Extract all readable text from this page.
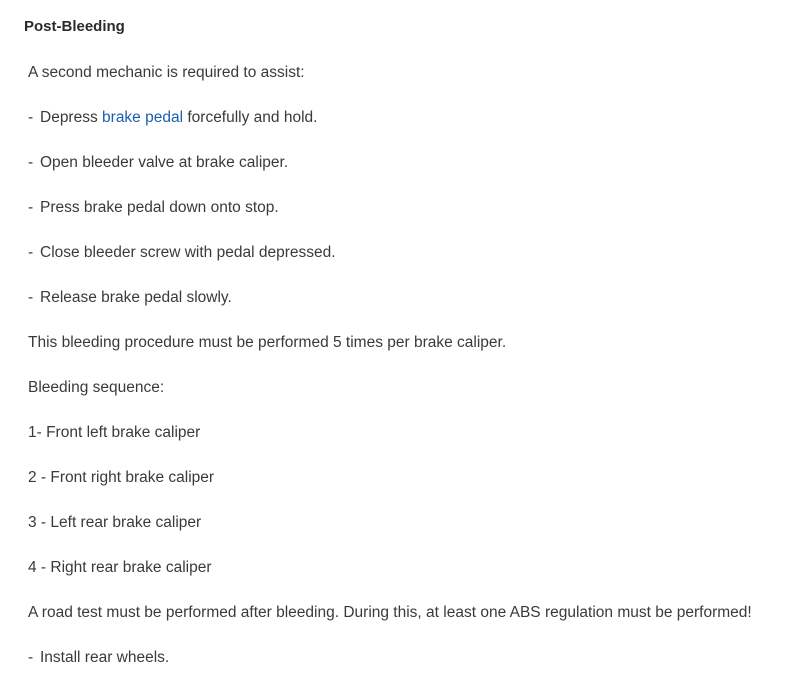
Post-Bleeding
A second mechanic is required to assist:
- Depress brake pedal forcefully and hold.
- Open bleeder valve at brake caliper.
- Press brake pedal down onto stop.
- Close bleeder screw with pedal depressed.
- Release brake pedal slowly.
This bleeding procedure must be performed 5 times per brake caliper.
Bleeding sequence:
1- Front left brake caliper
2 - Front right brake caliper
3 - Left rear brake caliper
4 - Right rear brake caliper
A road test must be performed after bleeding. During this, at least one ABS regulation must be performed!
- Install rear wheels.
